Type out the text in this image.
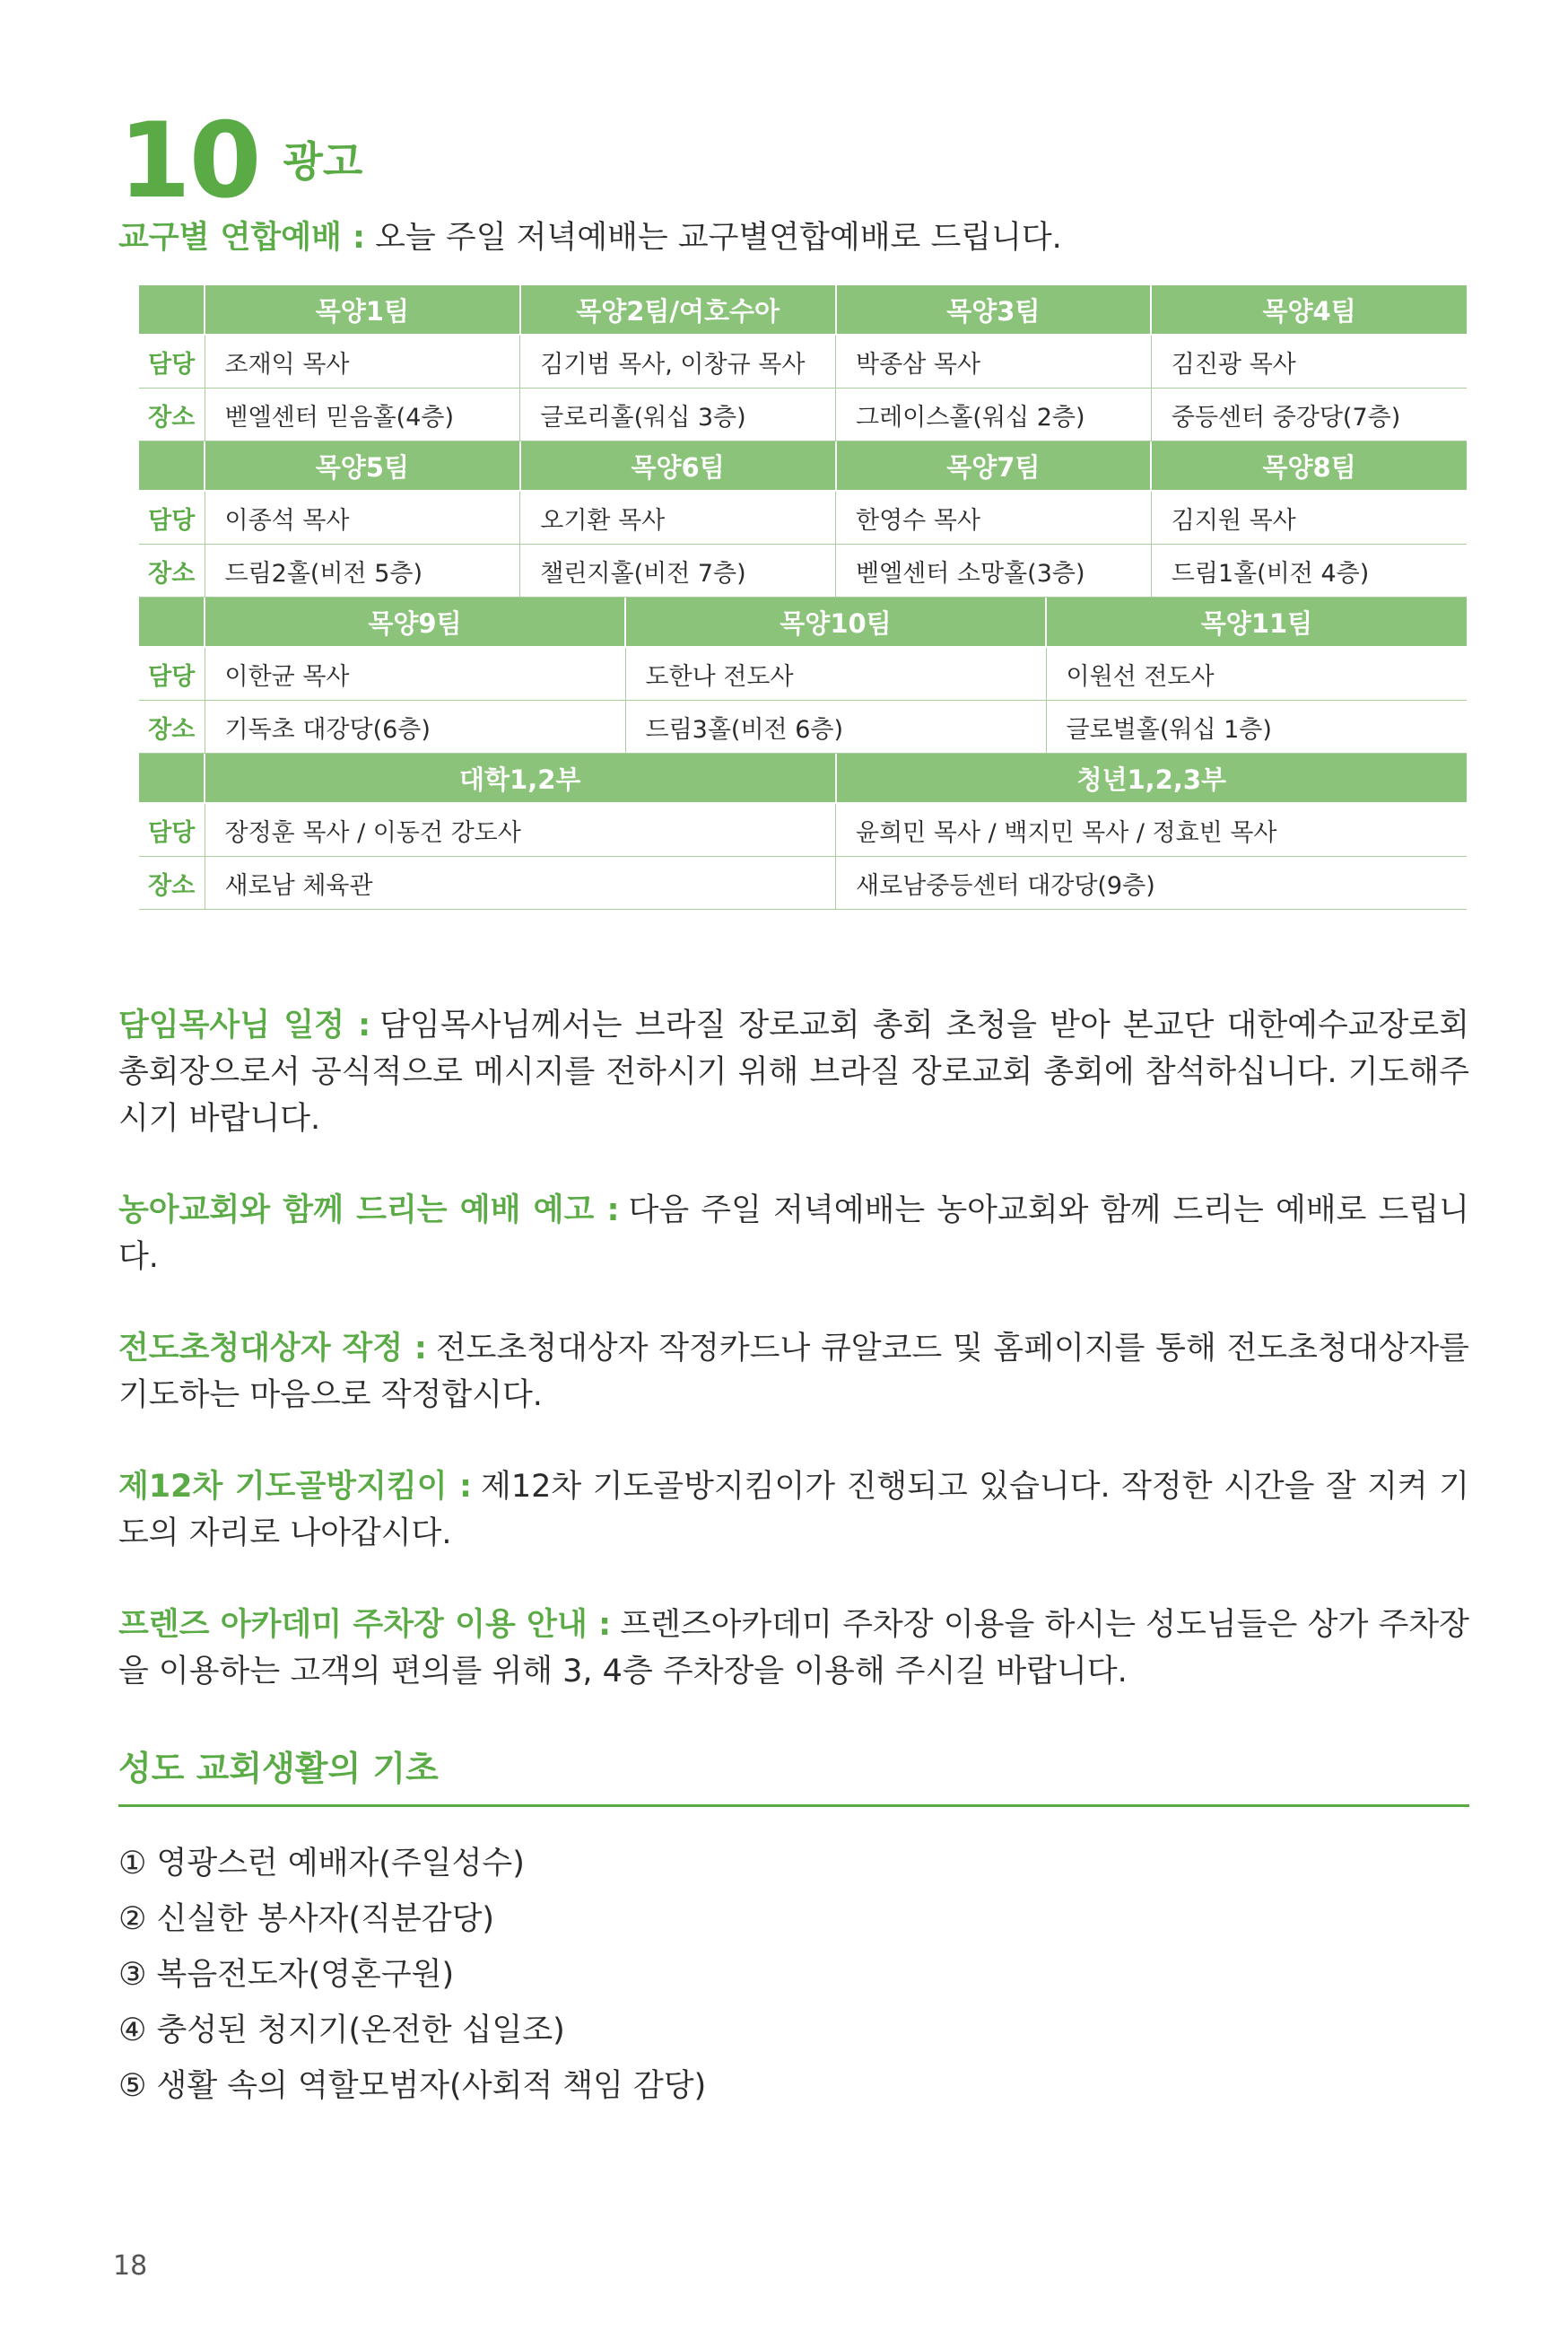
10 광고
교구별 연합예배 : 오늘 주일 저녁예배는 교구별연합예배로 드립니다.
	목양1팀	목양2팀/여호수아	목양3팀	목양4팀
담당	조재익 목사	김기범 목사, 이창규 목사	박종삼 목사	김진광 목사
장소	벧엘센터 믿음홀(4층)	글로리홀(워십 3층)	그레이스홀(워십 2층)	중등센터 중강당(7층)
	목양5팀	목양6팀	목양7팀	목양8팀
담당	이종석 목사	오기환 목사	한영수 목사	김지원 목사
장소	드림2홀(비전 5층)	챌린지홀(비전 7층)	벧엘센터 소망홀(3층)	드림1홀(비전 4층)
	목양9팀	목양10팀	목양11팀
담당	이한균 목사	도한나 전도사	이원선 전도사
장소	기독초 대강당(6층)	드림3홀(비전 6층)	글로벌홀(워십 1층)
	대학1,2부	청년1,2,3부
담당	장정훈 목사 / 이동건 강도사	윤희민 목사 / 백지민 목사 / 정효빈 목사
장소	새로남 체육관	새로남중등센터 대강당(9층)

담임목사님 일정 : 담임목사님께서는 브라질 장로교회 총회 초청을 받아 본교단 대한예수교장로회 총회장으로서 공식적으로 메시지를 전하시기 위해 브라질 장로교회 총회에 참석하십니다. 기도해주시기 바랍니다.

농아교회와 함께 드리는 예배 예고 : 다음 주일 저녁예배는 농아교회와 함께 드리는 예배로 드립니다.

전도초청대상자 작정 : 전도초청대상자 작정카드나 큐알코드 및 홈페이지를 통해 전도초청대상자를 기도하는 마음으로 작정합시다.

제12차 기도골방지킴이 : 제12차 기도골방지킴이가 진행되고 있습니다. 작정한 시간을 잘 지켜 기도의 자리로 나아갑시다.

프렌즈 아카데미 주차장 이용 안내 : 프렌즈아카데미 주차장 이용을 하시는 성도님들은 상가 주차장을 이용하는 고객의 편의를 위해 3, 4층 주차장을 이용해 주시길 바랍니다.

성도 교회생활의 기초
① 영광스런 예배자(주일성수)
② 신실한 봉사자(직분감당)
③ 복음전도자(영혼구원)
④ 충성된 청지기(온전한 십일조)
⑤ 생활 속의 역할모범자(사회적 책임 감당)
18
